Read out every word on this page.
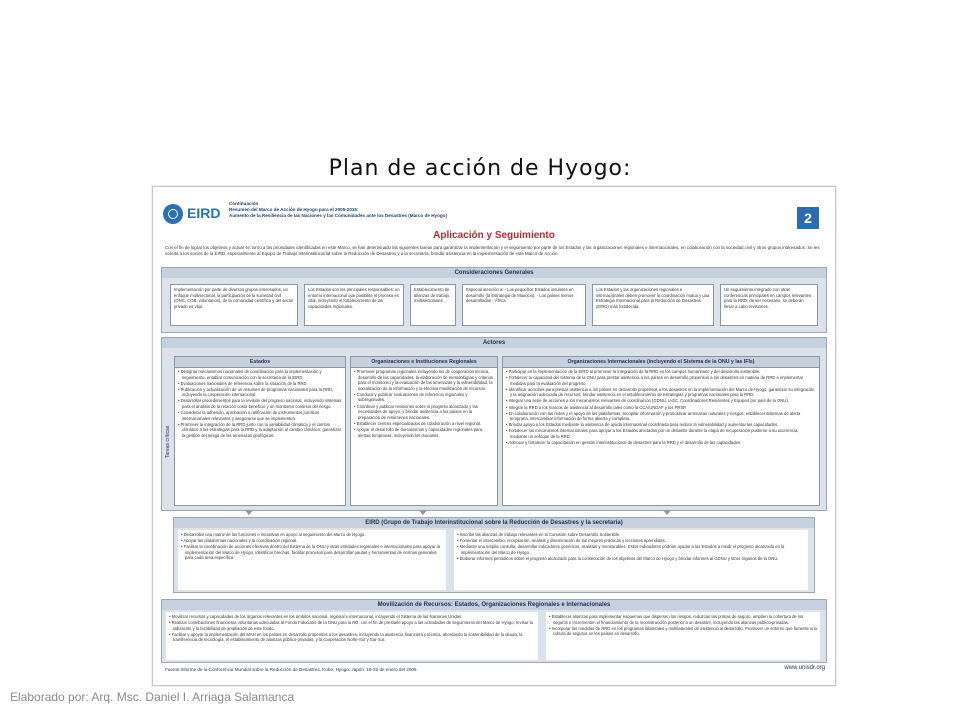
Plan de acción de Hyogo:
EIRD
Continuación
Resumen del Marco de Acción de Hyogo para el 2005-2015:
Aumento de la Resiliencia de las Naciones y las Comunidades ante los Desastres (Marco de Hyogo)	2
Aplicación y Seguimiento
Con el fin de lograr los objetivos y actuar en torno a las prioridades identificadas en este Marco, se han determinado las siguientes tareas para garantizar la implementación y el seguimiento por parte de los Estados y las organizaciones regionales e internacionales, en colaboración con la sociedad civil y otros grupos interesados. Se les solicita a los socios de la EIRD, especialmente al Equipo de Trabajo Interinstitucional sobre la Reducción de Desastres y a la secretaría, brindar asistencia en la implementación de este Marco de Acción.
Consideraciones Generales
Implementación por parte de diversos grupos interesados, un enfoque multisectorial, la participación de la sociedad civil (ONG, COB, voluntarios), de la comunidad científica y del sector privado es vital.
Los Estados son los principales responsables; un entorno internacional que posibilite el proceso es vital, incluyendo el fortalecimiento de las capacidades regionales.
Establecimiento de alianzas de trabajo multisectoriales
Especial atención a: - Los pequeños Estados insulares en desarrollo (la Estrategia de Mauricio); - Los países menos desarrollados - África
Los Estados y las organizaciones regionales e internacionales deben promover la coordinación mutua y una Estrategia Internacional para la Reducción de Desastres (EIRD) más fortalecida.
Un seguimiento integrado con otras conferencias principales en campos relevantes para la RRD; de ser necesario, se deberán llevar a cabo revisiones.
Actores
Tareas críticas
Estados
• Designar mecanismos nacionales de coordinación para la implementación y seguimiento, entablar comunicación con la secretaría de la EIRD.
• Evaluaciones nacionales de referencia sobre la situación de la RRD.
• Publicación y actualización de un resumen de programas nacionales para la RRD, incluyendo la cooperación internacional.
• Desarrollar procedimientos para la revisión del progreso nacional, incluyendo sistemas para el análisis de la relación costo-beneficio y un monitoreo continuo del riesgo.
• Considerar la adhesión, aprobación o ratificación de instrumentos jurídicos internacionales relevantes y asegurarse que se implementen.
• Promover la integración de la RRD junto con la variabilidad climática y el cambio climático a las estrategias para la RRD y la adaptación al cambio climático; garantizar la gestión del riesgo de las amenazas geológicas.
Organizaciones e Instituciones Regionales
• Promover programas regionales incluyendo los de cooperación técnica, desarrollo de las capacidades, la elaboración de metodologías y criterios para el monitoreo y la evaluación de las amenazas y la vulnerabilidad, la socialización de la información y la efectiva movilización de recursos.
• Conducir y publicar evaluaciones de referencia regionales y subregionales.
• Coordinar y publicar revisiones sobre el progreso alcanzado y las necesidades de apoyo, y brindar asistencia a los países en la preparación de resúmenes nacionales.
• Establecer centros especializados de colaboración a nivel regional.
• Apoyar el desarrollo de mecanismos y capacidades regionales para alertas tempranas, incluyendo los tsunamis.
Organizaciones Internacionales (incluyendo el Sistema de la ONU y las IFIs)
• Participar en la implementación de la EIRD al promover la integración de la RRD en los campos humanitario y del desarrollo sostenible.
• Fortalecer la capacidad del Sistema de la ONU para prestar asistencia a los países en desarrollo propensos a los desastres en materia de RRD e implementar medidas para la evaluación del progreso.
• Identificar acciones para prestar asistencia a los países en desarrollo propensos a los desastres en la implementación del Marco de Hyogo; garantizar su integración y la asignación adecuada de recursos; brindar asistencia en el establecimiento de estrategias y programas nacionales para la RRD.
• Integrar una serie de acciones a los mecanismos relevantes de coordinación (GDNU, IASC, Coordinadores Residentes y Equipos por país de la ONU).
• Integrar la RRD a los marcos de asistencia al desarrollo tales como la CCA/UNDAF y los PRSP.
• En colaboración con las redes y el apoyo de las plataformas, recopilar información y pronosticar amenazas naturales y riesgos; establecer sistemas de alerta temprana, intercambiar información de forma abierta y completa.
• Brindar apoyo a los Estados mediante la asistencia de ayuda internacional coordinada para reducir la vulnerabilidad y aumentar las capacidades.
• Fortalecer los mecanismos internacionales para apoyar a los Estados afectados por un desastre durante la etapa de recuperación posterior a su ocurrencia, mediante un enfoque de la RRD.
• Adecuar y fortalecer la capacitación en gestión interinstitucional de desastres para la RRD y el desarrollo de las capacidades.
EIRD (Grupo de Trabajo Interinstitucional sobre la Reducción de Desastres y la secretaría)
• Desarrollar una matriz de las funciones e iniciativas en apoyo al seguimiento del Marco de Hyogo.
• Apoyar las plataformas nacionales y la coordinación regional.
• Facilitar la coordinación de acciones efectivas dentro del Sistema de la ONU y otras entidades regionales e internacionales para apoyar la implementación del Marco de Hyogo, identificar brechas, facilitar procesos para desarrollar pautas y herramientas de normas generales para cada área específica.
• Inscribir las alianzas de trabajo relevantes en la Comisión sobre Desarrollo Sostenible.
• Fomentar el intercambio, recopilación, análisis y diseminación de las mejores prácticas y lecciones aprendidas.
• Mediante una amplia consulta, desarrollar indicadores genéricos, realistas y mensurables. Estos indicadores podrían ayudar a los Estados a medir el progreso alcanzado en la implementación del Marco de Hyogo.
• Elaborar informes periódicos sobre el progreso alcanzado para la consecución de los objetivos del Marco de Hyogo y brindar informes al GDNU y otros órganos de la ONU.
Movilización de Recursos: Estados, Organizaciones Regionales e Internacionales
• Movilizar recursos y capacidades de los órganos relevantes en los ámbitos nacional, regional e internacional, incluyendo el Sistema de las Naciones Unidas.
• Realizar contribuciones financieras voluntarias adecuadas al Fondo Fiduciario de la ONU para la RD, con el fin de prestarle apoyo a las actividades de seguimiento del Marco de Hyogo; revisar la utilización y la factibilidad de ampliación de este fondo.
• Facilitar y apoyar la implementación del MAH en los países en desarrollo propensos a los desastres, incluyendo la asistencia financiera y técnica, abordando la sostenibilidad de la deuda, la transferencia de tecnología, el establecimiento de alianzas público-privadas, y la cooperación Norte-Sur y Sur-Sur.
• Establecer alianzas para implementar esquemas que dispersen los riesgos, reduzcan las primas de seguro, amplíen la cobertura de los seguros e incrementen el financiamiento de la reconstrucción posterior a un desastre, incluyendo las alianzas público-privadas.
• Incorporar las medidas de RRD en los programas bilaterales y multilaterales de asistencia al desarrollo. Promover un entorno que fomente una cultura de seguros en los países en desarrollo.
Fuente:Informe de la Conferencia Mundial sobre la Reducción de Desastres, Kobe, Hyogo, Japón, 18-22 de enero del 2005	www.unisdr.org
Elaborado por: Arq. Msc. Daniel I. Arriaga Salamanca
